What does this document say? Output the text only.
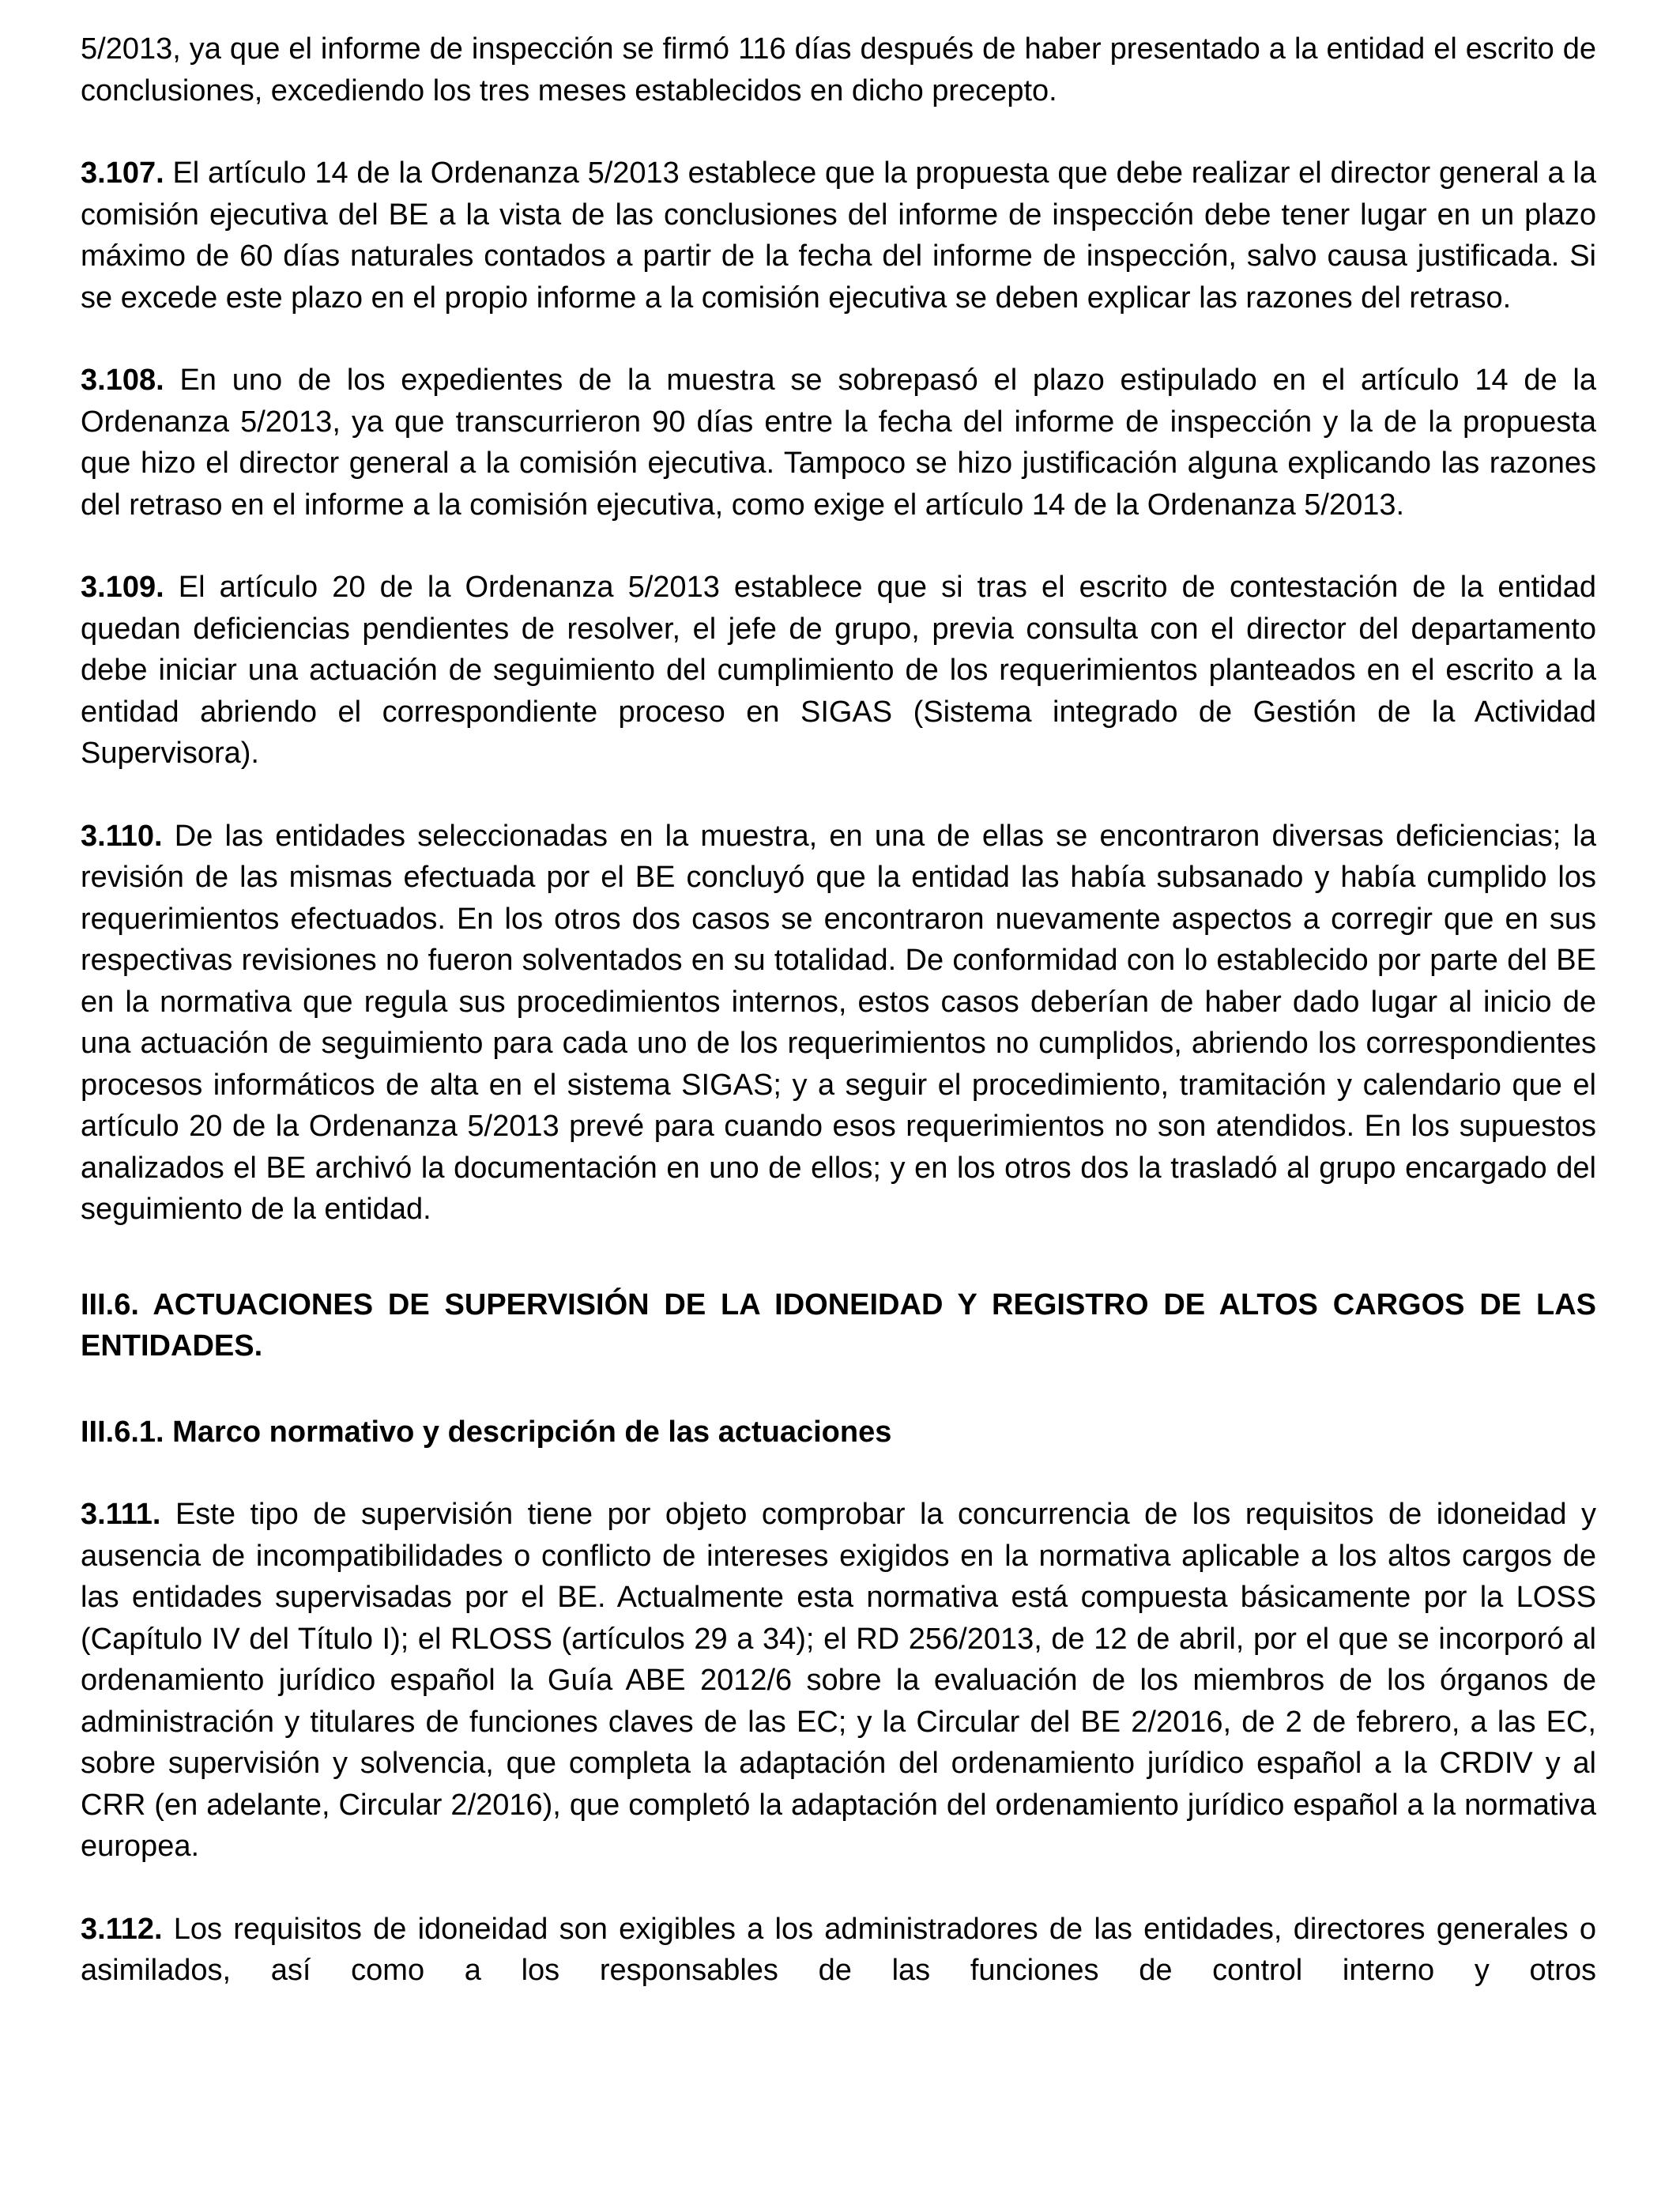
5/2013, ya que el informe de inspección se firmó 116 días después de haber presentado a la entidad el escrito de conclusiones, excediendo los tres meses establecidos en dicho precepto.

3.107. El artículo 14 de la Ordenanza 5/2013 establece que la propuesta que debe realizar el director general a la comisión ejecutiva del BE a la vista de las conclusiones del informe de inspección debe tener lugar en un plazo máximo de 60 días naturales contados a partir de la fecha del informe de inspección, salvo causa justificada. Si se excede este plazo en el propio informe a la comisión ejecutiva se deben explicar las razones del retraso.

3.108. En uno de los expedientes de la muestra se sobrepasó el plazo estipulado en el artículo 14 de la Ordenanza 5/2013, ya que transcurrieron 90 días entre la fecha del informe de inspección y la de la propuesta que hizo el director general a la comisión ejecutiva. Tampoco se hizo justificación alguna explicando las razones del retraso en el informe a la comisión ejecutiva, como exige el artículo 14 de la Ordenanza 5/2013.

3.109. El artículo 20 de la Ordenanza 5/2013 establece que si tras el escrito de contestación de la entidad quedan deficiencias pendientes de resolver, el jefe de grupo, previa consulta con el director del departamento debe iniciar una actuación de seguimiento del cumplimiento de los requerimientos planteados en el escrito a la entidad abriendo el correspondiente proceso en SIGAS (Sistema integrado de Gestión de la Actividad Supervisora).

3.110. De las entidades seleccionadas en la muestra, en una de ellas se encontraron diversas deficiencias; la revisión de las mismas efectuada por el BE concluyó que la entidad las había subsanado y había cumplido los requerimientos efectuados. En los otros dos casos se encontraron nuevamente aspectos a corregir que en sus respectivas revisiones no fueron solventados en su totalidad. De conformidad con lo establecido por parte del BE en la normativa que regula sus procedimientos internos, estos casos deberían de haber dado lugar al inicio de una actuación de seguimiento para cada uno de los requerimientos no cumplidos, abriendo los correspondientes procesos informáticos de alta en el sistema SIGAS; y a seguir el procedimiento, tramitación y calendario que el artículo 20 de la Ordenanza 5/2013 prevé para cuando esos requerimientos no son atendidos. En los supuestos analizados el BE archivó la documentación en uno de ellos; y en los otros dos la trasladó al grupo encargado del seguimiento de la entidad.

III.6. ACTUACIONES DE SUPERVISIÓN DE LA IDONEIDAD Y REGISTRO DE ALTOS CARGOS DE LAS ENTIDADES.
III.6.1. Marco normativo y descripción de las actuaciones

3.111. Este tipo de supervisión tiene por objeto comprobar la concurrencia de los requisitos de idoneidad y ausencia de incompatibilidades o conflicto de intereses exigidos en la normativa aplicable a los altos cargos de las entidades supervisadas por el BE. Actualmente esta normativa está compuesta básicamente por la LOSS (Capítulo IV del Título I); el RLOSS (artículos 29 a 34); el RD 256/2013, de 12 de abril, por el que se incorporó al ordenamiento jurídico español la Guía ABE 2012/6 sobre la evaluación de los miembros de los órganos de administración y titulares de funciones claves de las EC; y la Circular del BE 2/2016, de 2 de febrero, a las EC, sobre supervisión y solvencia, que completa la adaptación del ordenamiento jurídico español a la CRDIV y al CRR (en adelante, Circular 2/2016), que completó la adaptación del ordenamiento jurídico español a la normativa europea.

3.112. Los requisitos de idoneidad son exigibles a los administradores de las entidades, directores generales o asimilados, así como a los responsables de las funciones de control interno y otros
